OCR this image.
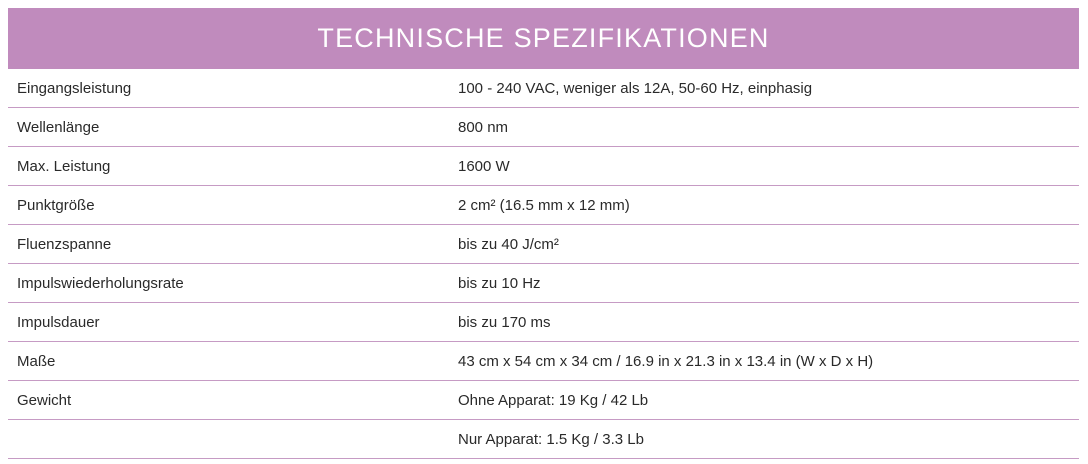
TECHNISCHE SPEZIFIKATIONEN
Eingangsleistung	100 - 240 VAC, weniger als 12A, 50-60 Hz, einphasig
Wellenlänge	800 nm
Max. Leistung	1600 W
Punktgröße	2 cm² (16.5 mm x 12 mm)
Fluenzspanne	bis zu 40 J/cm²
Impulswiederholungsrate	bis zu 10 Hz
Impulsdauer	bis zu 170 ms
Maße	43 cm x 54 cm x 34 cm / 16.9 in x 21.3 in x 13.4 in (W x D x H)
Gewicht	Ohne Apparat: 19 Kg / 42 Lb
	Nur Apparat: 1.5 Kg / 3.3 Lb
